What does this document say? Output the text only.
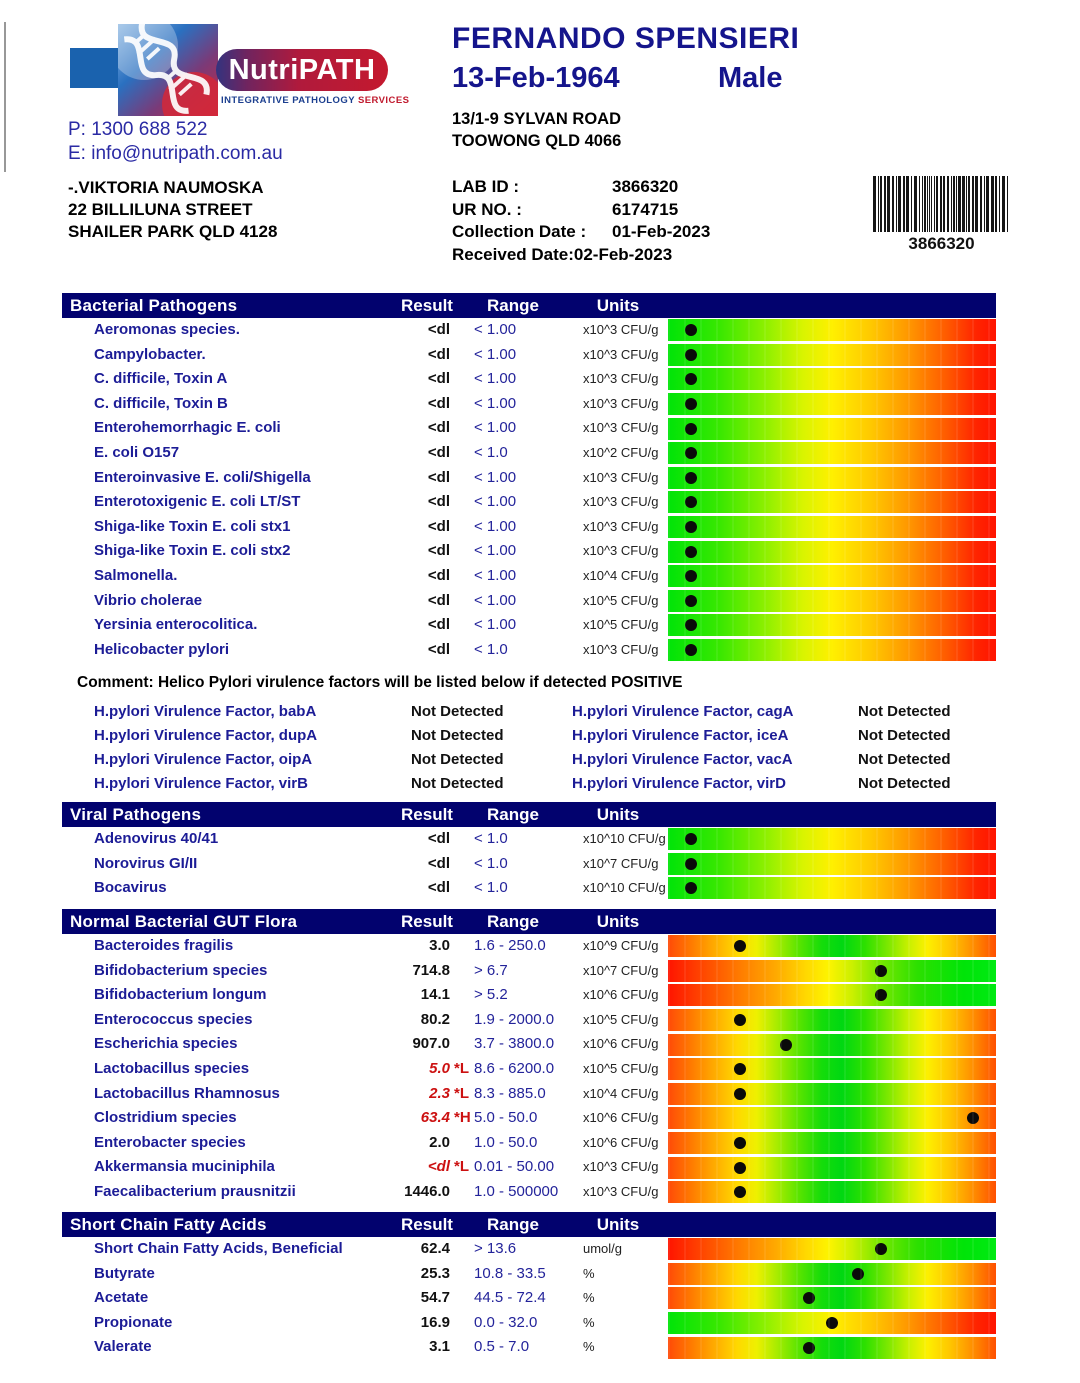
NutriPATH
INTEGRATIVE PATHOLOGY SERVICES
P: 1300 688 522
E: info@nutripath.com.au
-.VIKTORIA NAUMOSKA
22 BILLILUNA STREET
SHAILER PARK QLD 4128
FERNANDO SPENSIERI
13-Feb-1964	Male
13/1-9 SYLVAN ROAD
TOOWONG QLD 4066
LAB ID :	3866320
UR NO. :	6174715
Collection Date : 01-Feb-2023
Received Date:02-Feb-2023
3866320
Bacterial Pathogens	Result	Range	Units
Aeromonas species.	<dl < 1.00	x10^3 CFU/g
Campylobacter.	<dl < 1.00	x10^3 CFU/g
C. difficile, Toxin A	<dl < 1.00	x10^3 CFU/g
C. difficile, Toxin B	<dl < 1.00	x10^3 CFU/g
Enterohemorrhagic E. coli	<dl < 1.00	x10^3 CFU/g
E. coli O157	<dl < 1.0	x10^2 CFU/g
Enteroinvasive E. coli/Shigella	<dl < 1.00	x10^3 CFU/g
Enterotoxigenic E. coli LT/ST	<dl < 1.00	x10^3 CFU/g
Shiga-like Toxin E. coli stx1	<dl < 1.00	x10^3 CFU/g
Shiga-like Toxin E. coli stx2	<dl < 1.00	x10^3 CFU/g
Salmonella.	<dl < 1.00	x10^4 CFU/g
Vibrio cholerae	<dl < 1.00	x10^5 CFU/g
Yersinia enterocolitica.	<dl < 1.00	x10^5 CFU/g
Helicobacter pylori	<dl < 1.0	x10^3 CFU/g
Comment: Helico Pylori virulence factors will be listed below if detected POSITIVE
H.pylori Virulence Factor, babA	Not Detected	H.pylori Virulence Factor, cagA	Not Detected
H.pylori Virulence Factor, dupA	Not Detected	H.pylori Virulence Factor, iceA	Not Detected
H.pylori Virulence Factor, oipA	Not Detected	H.pylori Virulence Factor, vacA	Not Detected
H.pylori Virulence Factor, virB	Not Detected	H.pylori Virulence Factor, virD	Not Detected
Viral Pathogens	Result	Range	Units
Adenovirus 40/41	<dl < 1.0	x10^10 CFU/g
Norovirus GI/II	<dl < 1.0	x10^7 CFU/g
Bocavirus	<dl < 1.0	x10^10 CFU/g
Normal Bacterial GUT Flora	Result	Range	Units
Bacteroides fragilis	3.0 1.6 - 250.0	x10^9 CFU/g
Bifidobacterium species	714.8 > 6.7	x10^7 CFU/g
Bifidobacterium longum	14.1 > 5.2	x10^6 CFU/g
Enterococcus species	80.2 1.9 - 2000.0 x10^5 CFU/g
Escherichia species	907.0 3.7 - 3800.0 x10^6 CFU/g
Lactobacillus species	5.0 *L 8.6 - 6200.0 x10^5 CFU/g
Lactobacillus Rhamnosus	2.3 *L 8.3 - 885.0	x10^4 CFU/g
Clostridium species	63.4 *H 5.0 - 50.0	x10^6 CFU/g
Enterobacter species	2.0 1.0 - 50.0	x10^6 CFU/g
Akkermansia muciniphila	<dl *L 0.01 - 50.00 x10^3 CFU/g
Faecalibacterium prausnitzii	1446.0 1.0 - 500000 x10^3 CFU/g
Short Chain Fatty Acids	Result	Range	Units
Short Chain Fatty Acids, Beneficial	62.4 > 13.6	umol/g
Butyrate	25.3 10.8 - 33.5	%
Acetate	54.7 44.5 - 72.4	%
Propionate	16.9 0.0 - 32.0	%
Valerate	3.1 0.5 - 7.0	%
